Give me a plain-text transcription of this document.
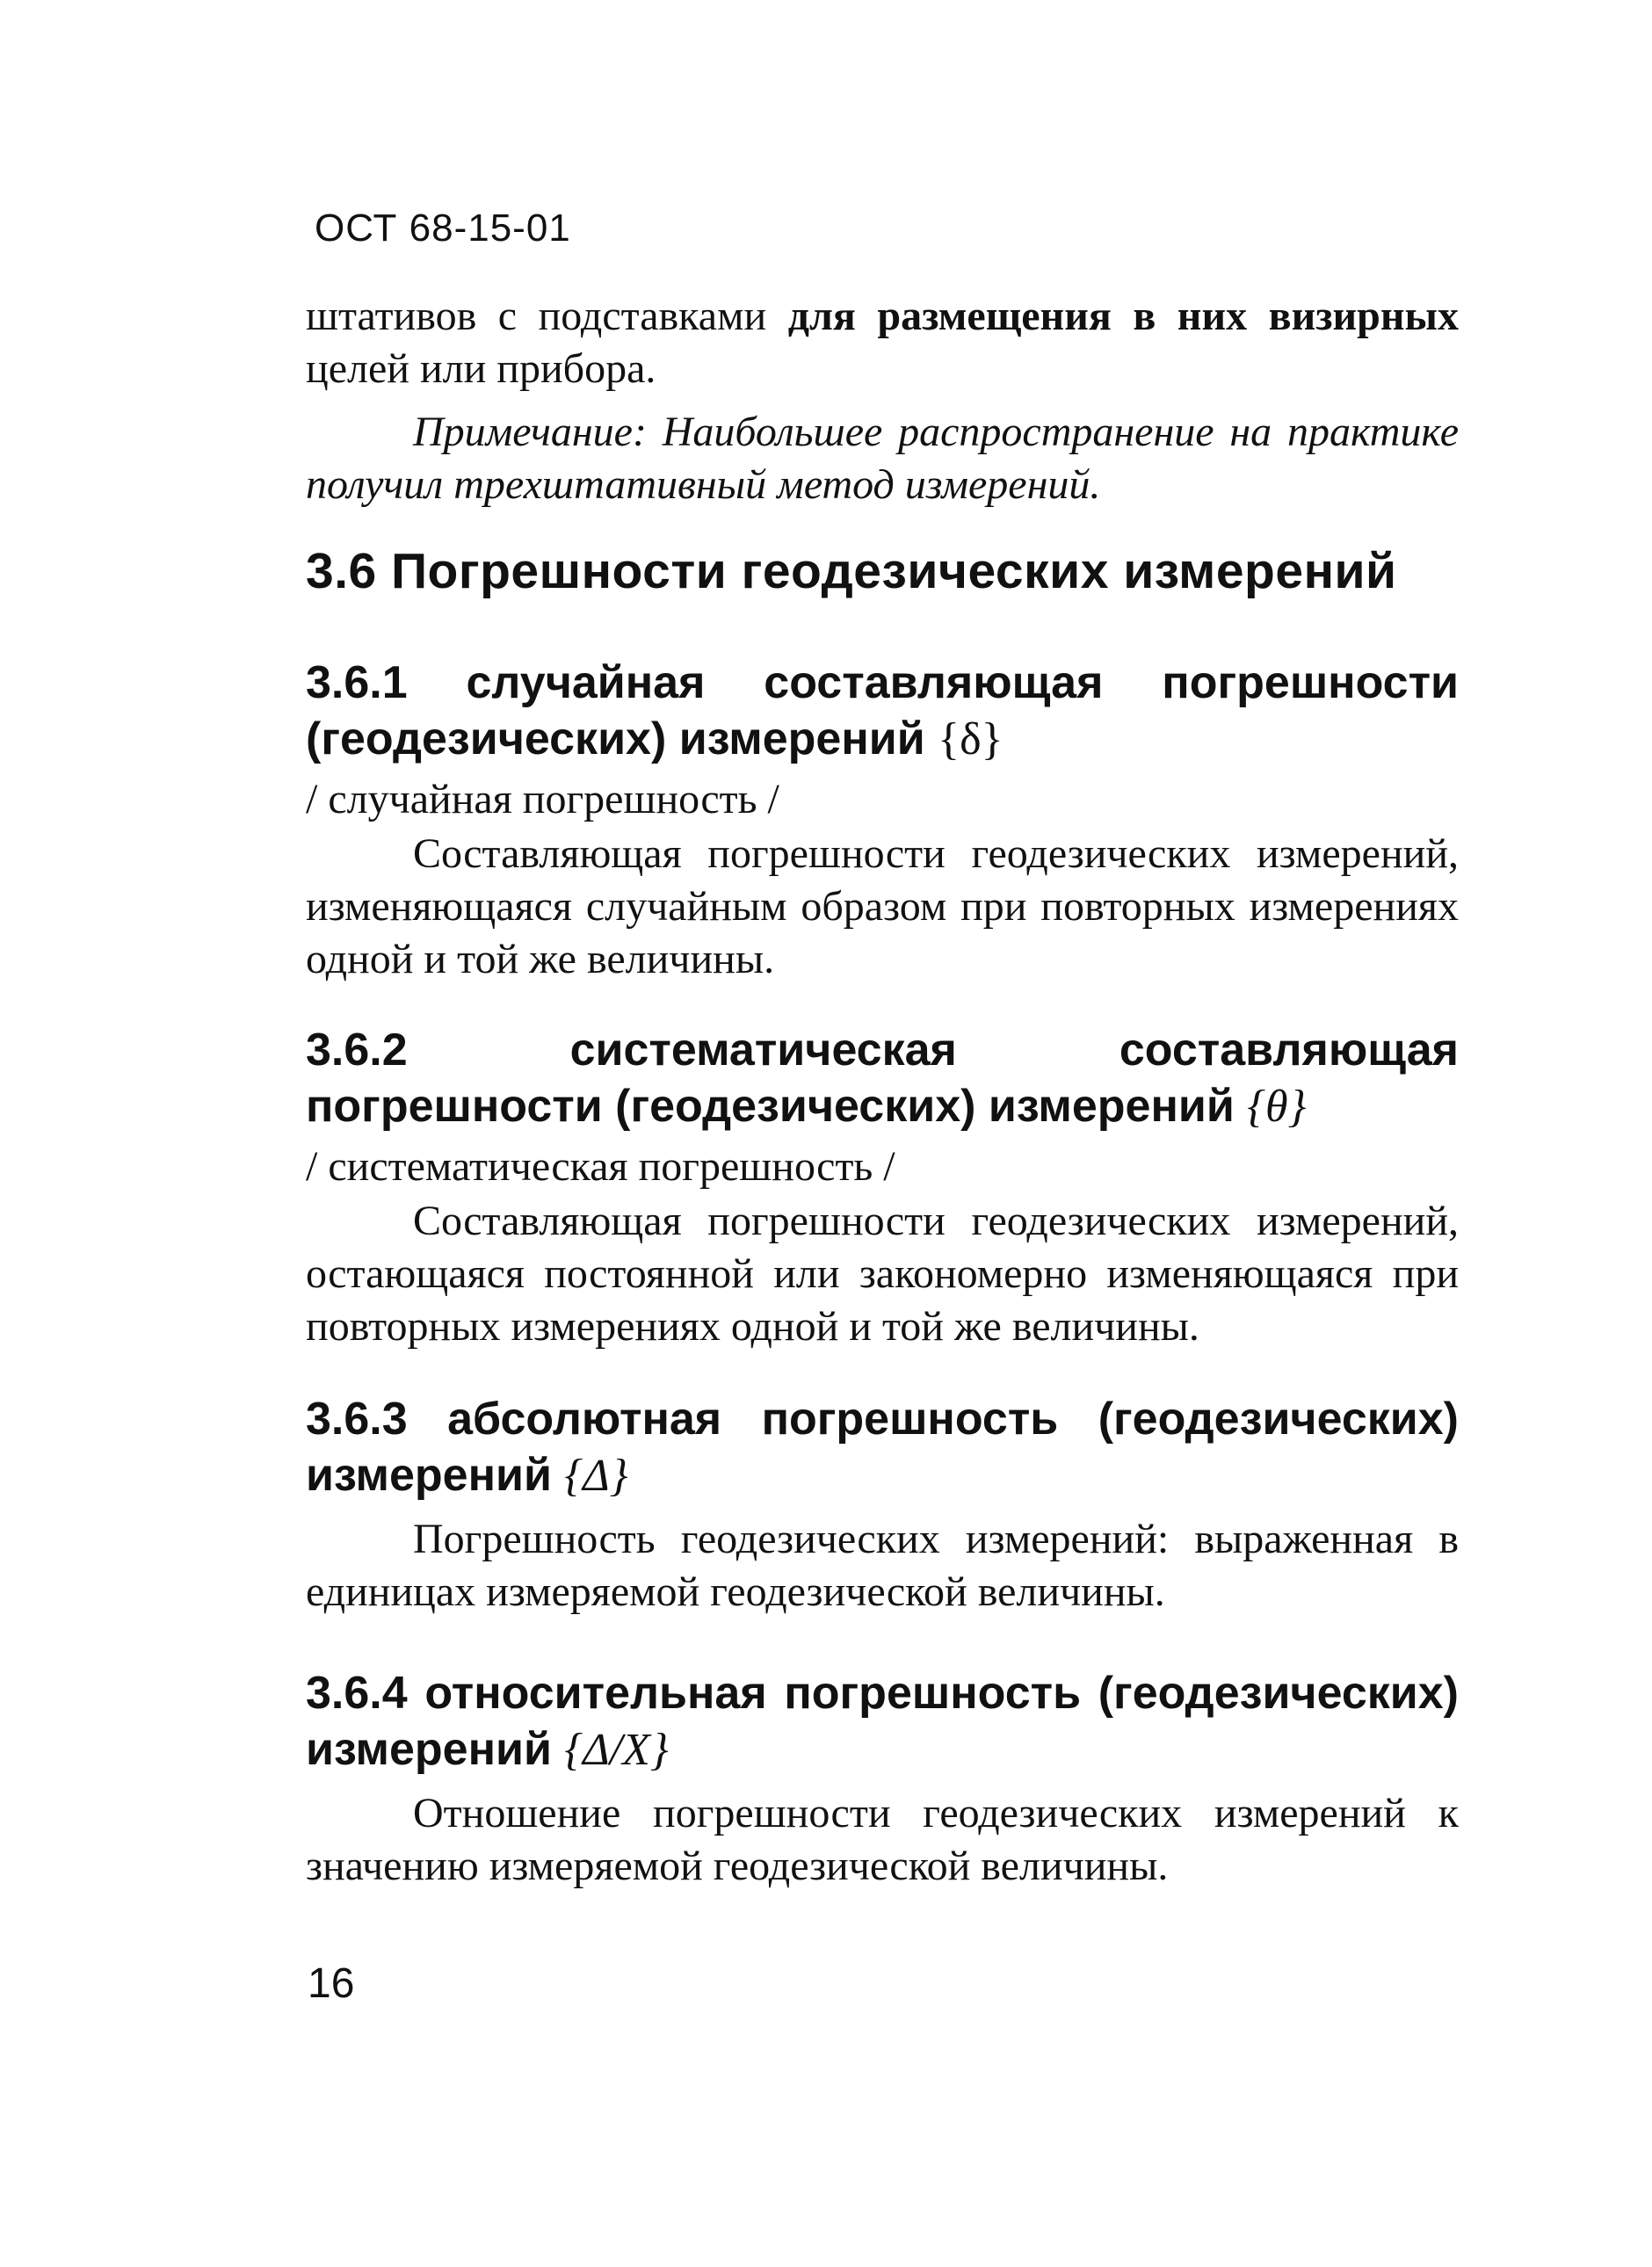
ОСТ 68-15-01

штативов с подставками для размещения в них визирных

целей или прибора.

Примечание: Наибольшее распространение на практике получил трехштативный метод измерений.

3.6 Погрешности геодезических измерений
3.6.1 случайная составляющая погрешности (геодезических) измерений {δ}

/ случайная погрешность /

Составляющая погрешности геодезических измерений, изменяющаяся случайным образом при повторных измерениях одной и той же величины.

3.6.2 систематическая составляющая погрешности (геодезических) измерений {θ}

/ систематическая погрешность /

Составляющая погрешности геодезических измерений, остающаяся постоянной или закономерно изменяющаяся при повторных измерениях одной и той же величины.

3.6.3 абсолютная погрешность (геодезических) измерений {Δ}

Погрешность геодезических измерений: выраженная в единицах измеряемой геодезической величины.

3.6.4 относительная погрешность (геодезических) измерений {Δ/X}

Отношение погрешности геодезических измерений к значению измеряемой геодезической величины.

16
